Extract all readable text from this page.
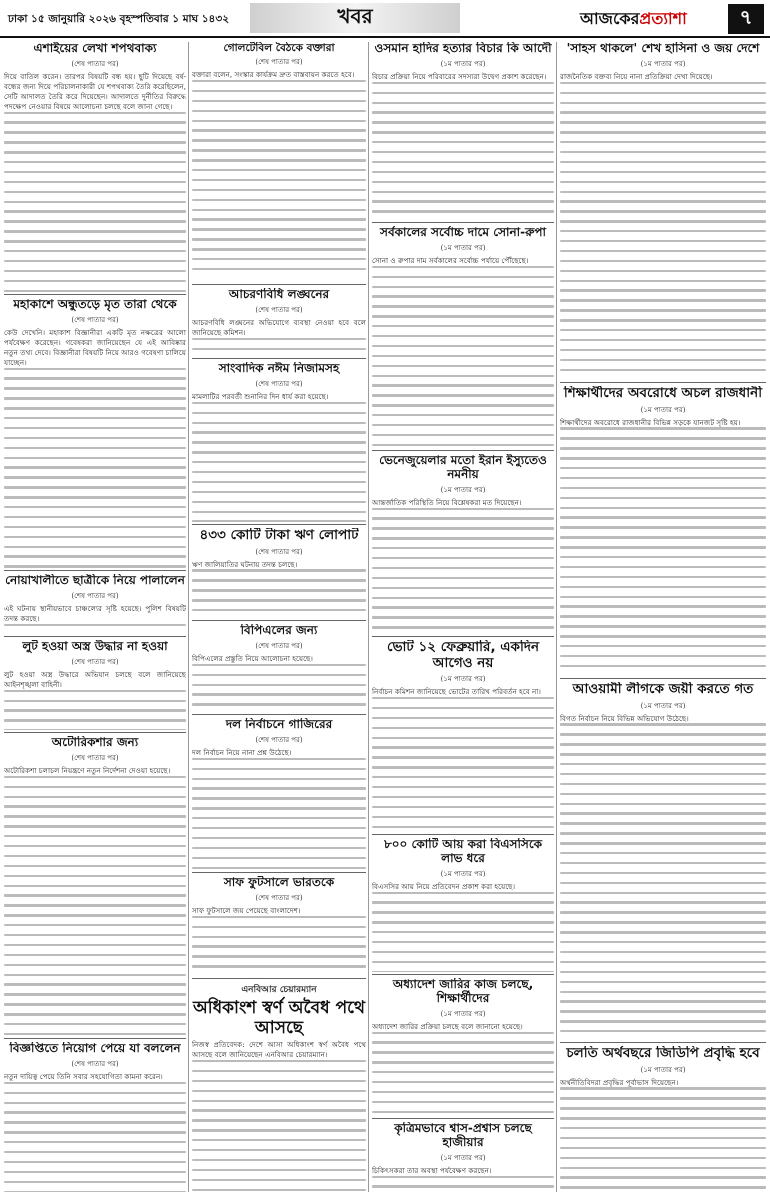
ঢাকা ১৫ জানুয়ারি ২০২৬ বৃহস্পতিবার ১ মাঘ ১৪৩২	খবর	আজকেরপ্রত্যাশা	৭
এশাইয়ের লেখা শপথবাক্য
(শেষ পাতার পর)
দিয়ে বাতিল করেন। তারপর বিষয়টি বন্ধ হয়। ছুটি দিয়েছে বর্ষ-বন্ধের জন্য দিয়ে পরিচালনাকারী যে শপথবাক্য তৈরি করেছিলেন, সেটি আদালত তৈরি করে দিয়েছেন। আদালতে দুর্নীতির বিরুদ্ধে পদক্ষেপ নেওয়ার বিষয়ে আলোচনা চলছে বলে জানা গেছে।
মহাকাশে অন্ধুতড়ে মৃত তারা থেকে
(শেষ পাতার পর)
কেউ দেখেনি। মহাকাশ বিজ্ঞানীরা একটি মৃত নক্ষত্রের আলো পর্যবেক্ষণ করেছেন। গবেষকরা জানিয়েছেন যে এই আবিষ্কার নতুন তথ্য দেবে। বিজ্ঞানীরা বিষয়টি নিয়ে আরও গবেষণা চালিয়ে যাচ্ছেন।
নোয়াখালীতে ছাত্রীকে নিয়ে পালালেন
(শেষ পাতার পর)
এই ঘটনায় স্থানীয়ভাবে চাঞ্চল্যের সৃষ্টি হয়েছে। পুলিশ বিষয়টি তদন্ত করছে।
লুট হওয়া অস্ত্র উদ্ধার না হওয়া
(শেষ পাতার পর)
লুট হওয়া অস্ত্র উদ্ধারে অভিযান চলছে বলে জানিয়েছে আইনশৃঙ্খলা বাহিনী।
অটোরিকশার জন্য
(শেষ পাতার পর)
অটোরিকশা চলাচল নিয়ন্ত্রণে নতুন নির্দেশনা দেওয়া হয়েছে।
বিজ্ঞপ্তিতে নিয়োগ পেয়ে যা বললেন
(শেষ পাতার পর)
নতুন দায়িত্ব পেয়ে তিনি সবার সহযোগিতা কামনা করেন।
গোলটেবিল বৈঠকে বক্তারা
(শেষ পাতার পর)
বক্তারা বলেন, সংস্কার কার্যক্রম দ্রুত বাস্তবায়ন করতে হবে।
আচরণবিধি লঙ্ঘনের
(শেষ পাতার পর)
আচরণবিধি লঙ্ঘনের অভিযোগে ব্যবস্থা নেওয়া হবে বলে জানিয়েছে কমিশন।
সাংবাদিক নঈম নিজামসহ
(শেষ পাতার পর)
মামলাটির পরবর্তী শুনানির দিন ধার্য করা হয়েছে।
৪৩৩ কোটি টাকা ঋণ লোপাট
(শেষ পাতার পর)
ঋণ জালিয়াতির ঘটনায় তদন্ত চলছে।
বিপিএলের জন্য
(শেষ পাতার পর)
বিপিএলের প্রস্তুতি নিয়ে আলোচনা হয়েছে।
দল নির্বাচনে গাজিরের
(শেষ পাতার পর)
দল নির্বাচন নিয়ে নানা প্রশ্ন উঠেছে।
সাফ ফুটসালে ভারতকে
(শেষ পাতার পর)
সাফ ফুটসালে জয় পেয়েছে বাংলাদেশ।
এনবিআর চেয়ারম্যান
অধিকাংশ স্বর্ণ অবৈধ পথে আসছে
নিজস্ব প্রতিবেদক: দেশে আসা অধিকাংশ স্বর্ণ অবৈধ পথে আসছে বলে জানিয়েছেন এনবিআর চেয়ারম্যান।
ওসমান হাদির হত্যার বিচার কি আদৌ
(১ম পাতার পর)
বিচার প্রক্রিয়া নিয়ে পরিবারের সদস্যরা উদ্বেগ প্রকাশ করেছেন।
সর্বকালের সর্বোচ্চ দামে সোনা-রুপা
(১ম পাতার পর)
সোনা ও রুপার দাম সর্বকালের সর্বোচ্চ পর্যায়ে পৌঁছেছে।
ভেনেজুয়েলার মতো ইরান ইস্যুতেও নমনীয়
(১ম পাতার পর)
আন্তর্জাতিক পরিস্থিতি নিয়ে বিশ্লেষকরা মত দিয়েছেন।
ভোট ১২ ফেব্রুয়ারি, একদিন আগেও নয়
(১ম পাতার পর)
নির্বাচন কমিশন জানিয়েছে ভোটের তারিখ পরিবর্তন হবে না।
৮০০ কোটি আয় করা বিএসসিকে লাভ ধরে
(১ম পাতার পর)
বিএসসির আয় নিয়ে প্রতিবেদন প্রকাশ করা হয়েছে।
অধ্যাদেশ জারির কাজ চলছে, শিক্ষার্থীদের
(১ম পাতার পর)
অধ্যাদেশ জারির প্রক্রিয়া চলছে বলে জানানো হয়েছে।
কৃত্রিমভাবে শ্বাস-প্রশ্বাস চলছে হাজীয়ার
(১ম পাতার পর)
চিকিৎসকরা তার অবস্থা পর্যবেক্ষণ করছেন।
'সাহস থাকলে' শেখ হাসিনা ও জয় দেশে
(১ম পাতার পর)
রাজনৈতিক বক্তব্য নিয়ে নানা প্রতিক্রিয়া দেখা দিয়েছে।
শিক্ষার্থীদের অবরোধে অচল রাজধানী
(১ম পাতার পর)
শিক্ষার্থীদের অবরোধে রাজধানীর বিভিন্ন সড়কে যানজট সৃষ্টি হয়।
আওয়ামী লীগকে জয়ী করতে গত
(১ম পাতার পর)
বিগত নির্বাচন নিয়ে বিভিন্ন অভিযোগ উঠেছে।
চলতি অর্থবছরে জিডিপি প্রবৃদ্ধি হবে
(১ম পাতার পর)
অর্থনীতিবিদরা প্রবৃদ্ধির পূর্বাভাস দিয়েছেন।
